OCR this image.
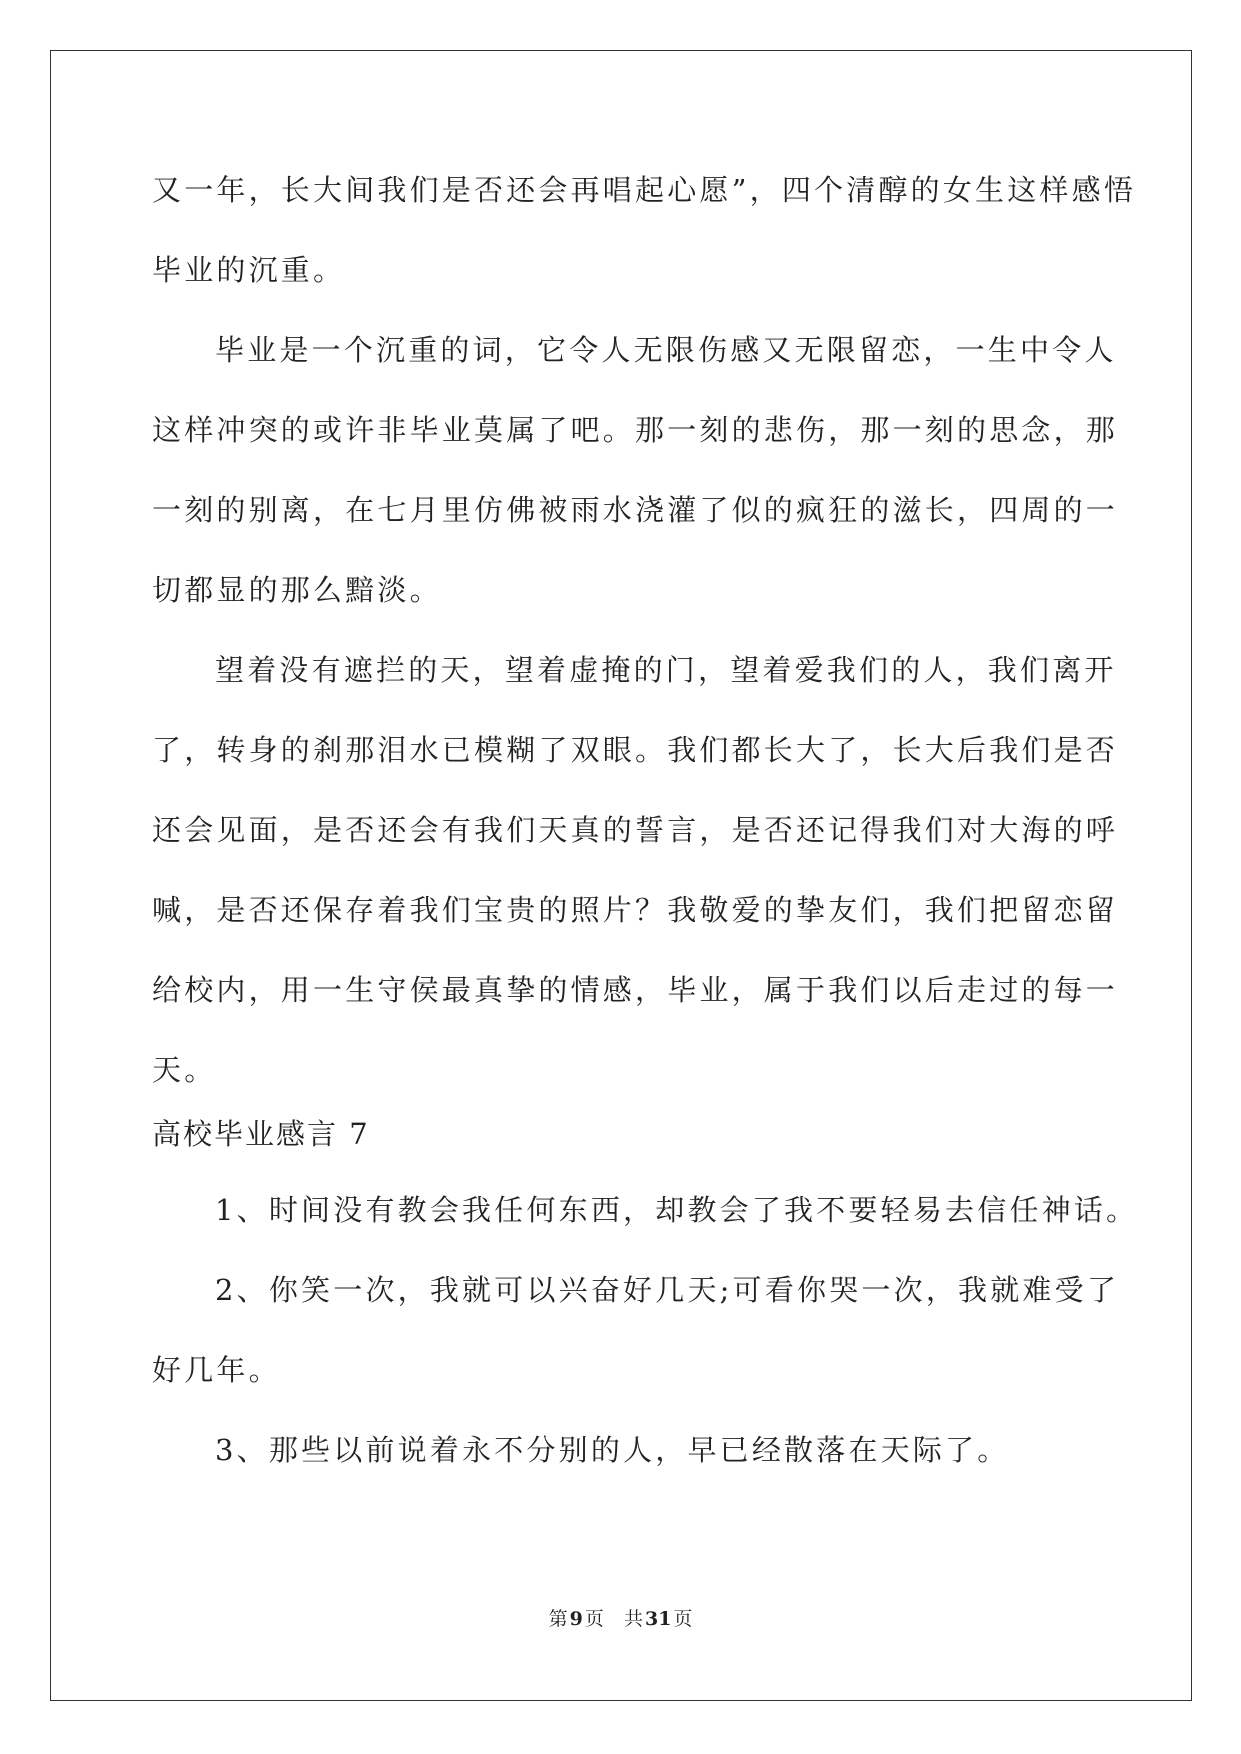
又一年，长大间我们是否还会再唱起心愿”，四个清醇的女生这样感悟
毕业的沉重。
毕业是一个沉重的词，它令人无限伤感又无限留恋，一生中令人
这样冲突的或许非毕业莫属了吧。那一刻的悲伤，那一刻的思念，那
一刻的别离，在七月里仿佛被雨水浇灌了似的疯狂的滋长，四周的一
切都显的那么黯淡。
望着没有遮拦的天，望着虚掩的门，望着爱我们的人，我们离开
了，转身的刹那泪水已模糊了双眼。我们都长大了，长大后我们是否
还会见面，是否还会有我们天真的誓言，是否还记得我们对大海的呼
喊，是否还保存着我们宝贵的照片？我敬爱的挚友们，我们把留恋留
给校内，用一生守侯最真挚的情感，毕业，属于我们以后走过的每一
天。
高校毕业感言 7
1、时间没有教会我任何东西，却教会了我不要轻易去信任神话。
2、你笑一次，我就可以兴奋好几天;可看你哭一次，我就难受了
好几年。
3、那些以前说着永不分别的人，早已经散落在天际了。
第 9 页 共 31 页
